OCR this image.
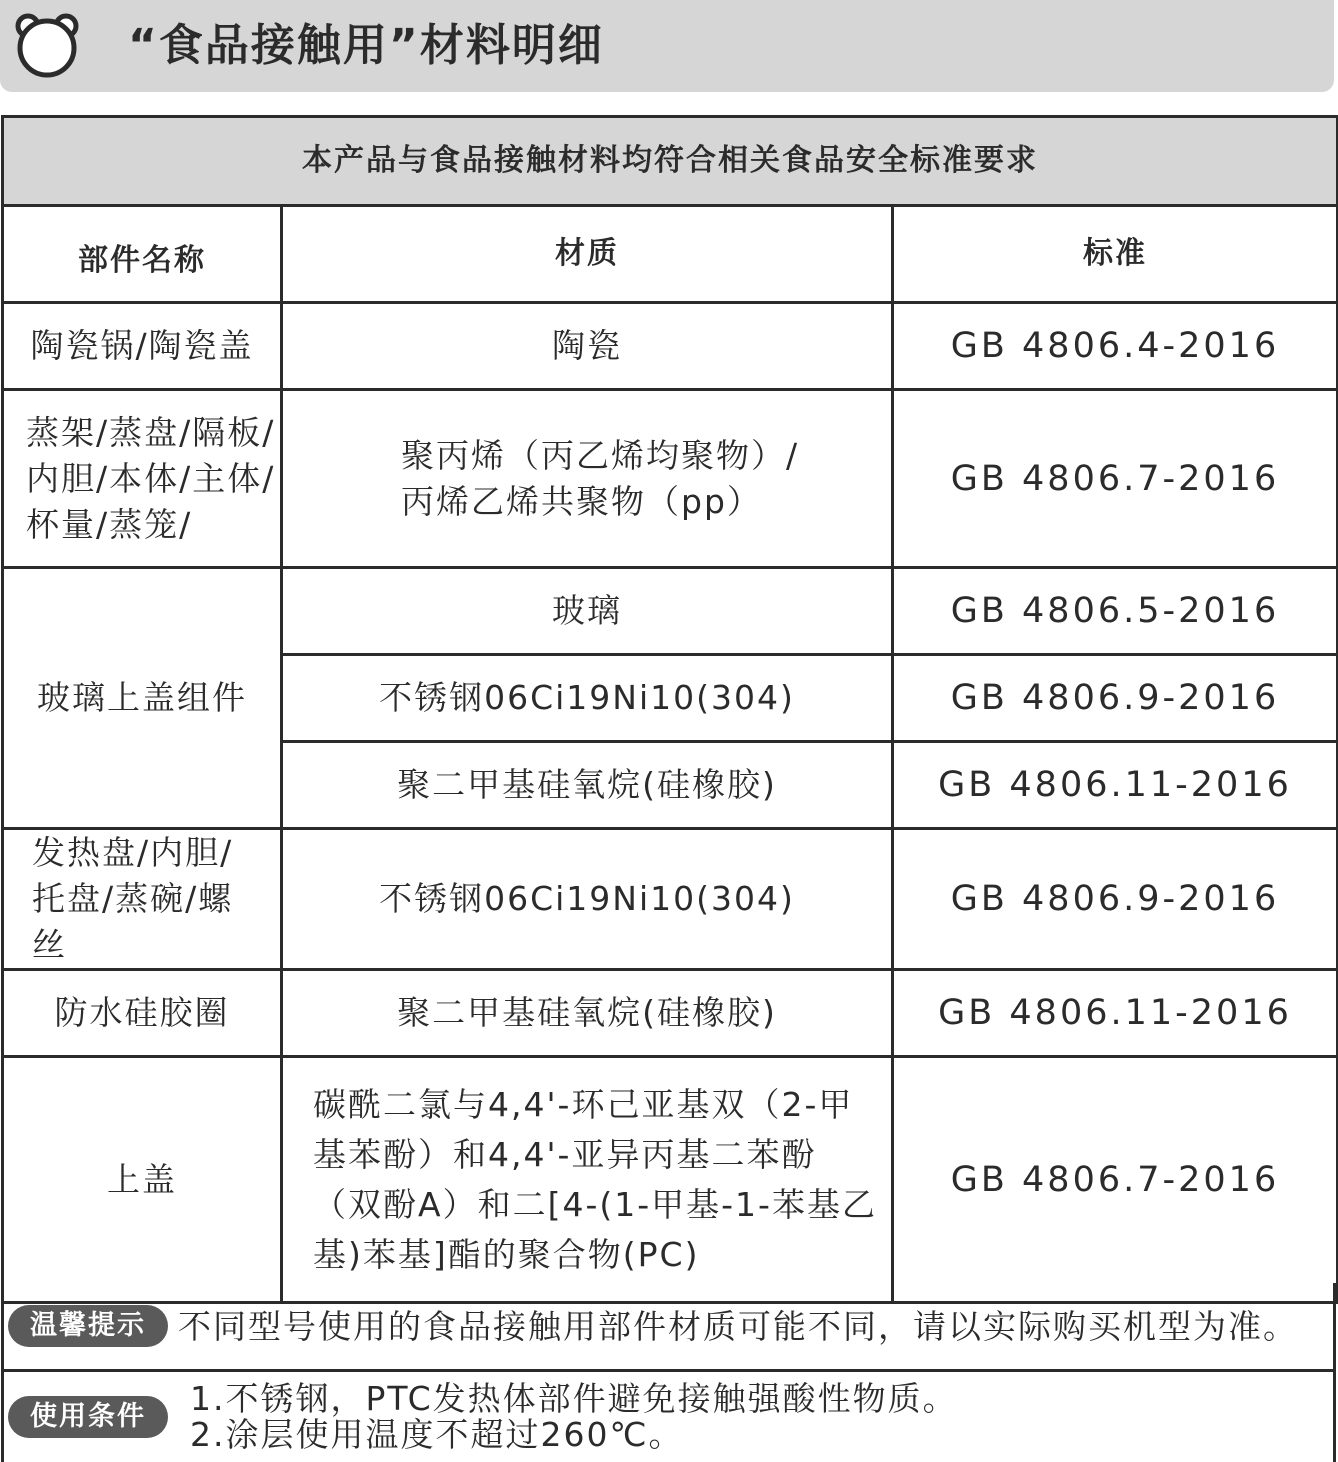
“食品接触用”材料明细
本产品与食品接触材料均符合相关食品安全标准要求		
部件名称	材质	标准
陶瓷锅/陶瓷盖	陶瓷	GB 4806.4-2016
蒸架/蒸盘/隔板/内胆/本体/主体/杯量/蒸笼/	聚丙烯（丙乙烯均聚物）/丙烯乙烯共聚物（pp）	GB 4806.7-2016
玻璃上盖组件	玻璃	GB 4806.5-2016
	不锈钢06Ci19Ni10(304)	GB 4806.9-2016
	聚二甲基硅氧烷(硅橡胶)	GB 4806.11-2016
发热盘/内胆/托盘/蒸碗/螺丝	不锈钢06Ci19Ni10(304)	GB 4806.9-2016
防水硅胶圈	聚二甲基硅氧烷(硅橡胶)	GB 4806.11-2016
上盖	碳酰二氯与4,4'-环己亚基双（2-甲基苯酚）和4,4'-亚异丙基二苯酚（双酚A）和二[4-(1-甲基-1-苯基乙基)苯基]酯的聚合物(PC)	GB 4806.7-2016
温馨提示 不同型号使用的食品接触用部件材质可能不同，请以实际购买机型为准。
使用条件	1.不锈钢，PTC发热体部件避免接触强酸性物质。
2.涂层使用温度不超过260℃。
